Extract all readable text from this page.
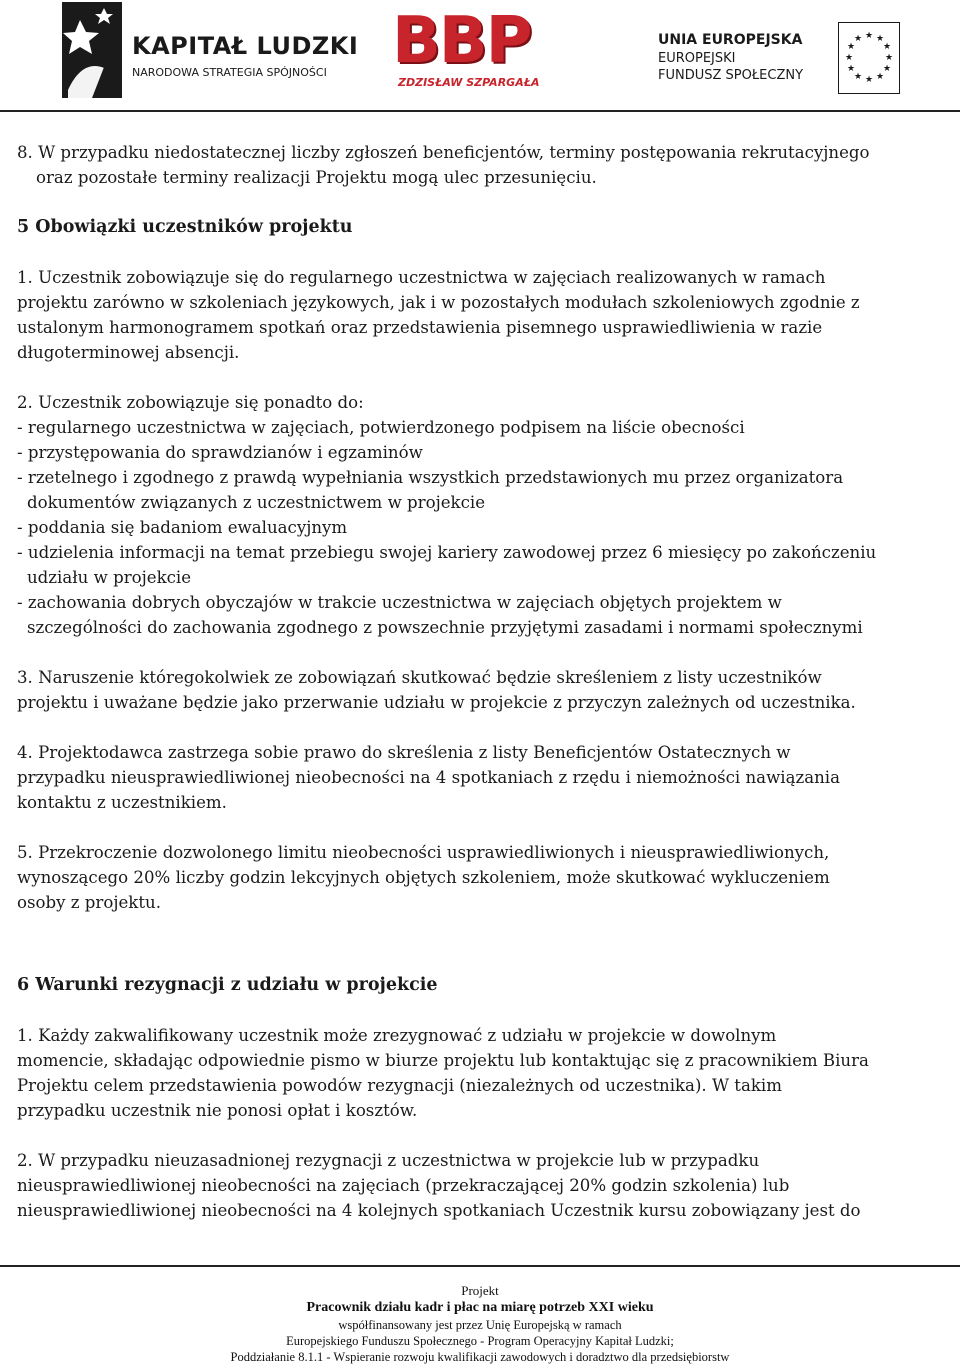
KAPITAŁ LUDZKI
NARODOWA STRATEGIA SPÓJNOŚCI BBP
ZDZISŁAW SZPARGAŁA
UNIA EUROPEJSKA
EUROPEJSKI
FUNDUSZ SPOŁECZNY
★ ★
★
★
★
★
★
★
★
★
★
★

8. W przypadku niedostatecznej liczby zgłoszeń beneficjentów, terminy postępowania rekrutacyjnego

oraz pozostałe terminy realizacji Projektu mogą ulec przesunięciu.

5 Obowiązki uczestników projektu

1. Uczestnik zobowiązuje się do regularnego uczestnictwa w zajęciach realizowanych w ramach

projektu zarówno w szkoleniach językowych, jak i w pozostałych modułach szkoleniowych zgodnie z

ustalonym harmonogramem spotkań oraz przedstawienia pisemnego usprawiedliwienia w razie

długoterminowej absencji.

2. Uczestnik zobowiązuje się ponadto do:

- regularnego uczestnictwa w zajęciach, potwierdzonego podpisem na liście obecności

- przystępowania do sprawdzianów i egzaminów

- rzetelnego i zgodnego z prawdą wypełniania wszystkich przedstawionych mu przez organizatora

dokumentów związanych z uczestnictwem w projekcie

- poddania się badaniom ewaluacyjnym

- udzielenia informacji na temat przebiegu swojej kariery zawodowej przez 6 miesięcy po zakończeniu

udziału w projekcie

- zachowania dobrych obyczajów w trakcie uczestnictwa w zajęciach objętych projektem w

szczególności do zachowania zgodnego z powszechnie przyjętymi zasadami i normami społecznymi

3. Naruszenie któregokolwiek ze zobowiązań skutkować będzie skreśleniem z listy uczestników

projektu i uważane będzie jako przerwanie udziału w projekcie z przyczyn zależnych od uczestnika.

4. Projektodawca zastrzega sobie prawo do skreślenia z listy Beneficjentów Ostatecznych w

przypadku nieusprawiedliwionej nieobecności na 4 spotkaniach z rzędu i niemożności nawiązania

kontaktu z uczestnikiem.

5. Przekroczenie dozwolonego limitu nieobecności usprawiedliwionych i nieusprawiedliwionych,

wynoszącego 20% liczby godzin lekcyjnych objętych szkoleniem, może skutkować wykluczeniem

osoby z projektu.

6 Warunki rezygnacji z udziału w projekcie

1. Każdy zakwalifikowany uczestnik może zrezygnować z udziału w projekcie w dowolnym

momencie, składając odpowiednie pismo w biurze projektu lub kontaktując się z pracownikiem Biura

Projektu celem przedstawienia powodów rezygnacji (niezależnych od uczestnika). W takim

przypadku uczestnik nie ponosi opłat i kosztów.

2. W przypadku nieuzasadnionej rezygnacji z uczestnictwa w projekcie lub w przypadku

nieusprawiedliwionej nieobecności na zajęciach (przekraczającej 20% godzin szkolenia) lub

nieusprawiedliwionej nieobecności na 4 kolejnych spotkaniach Uczestnik kursu zobowiązany jest do

Projekt
Pracownik działu kadr i płac na miarę potrzeb XXI wieku
współfinansowany jest przez Unię Europejską w ramach
Europejskiego Funduszu Społecznego - Program Operacyjny Kapitał Ludzki;
Poddziałanie 8.1.1 - Wspieranie rozwoju kwalifikacji zawodowych i doradztwo dla przedsiębiorstw
